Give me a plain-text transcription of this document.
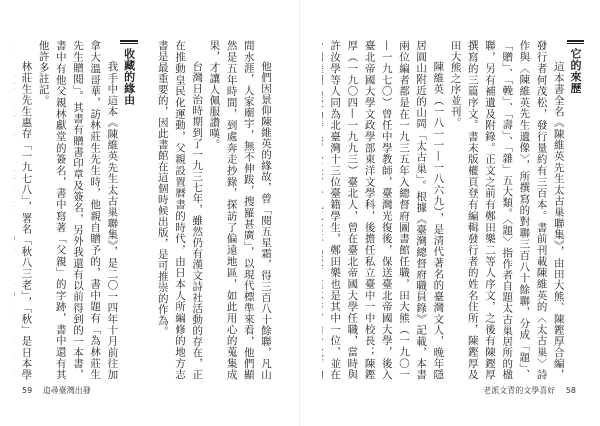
它的來歷

這本書全名《陳維英先生太古巢聯集》，由田大熊、陳鏗厚合編，發行者何茂松，發行量約有三百本。書前刊載陳維英的〈太古巢〉詩作與〈陳維英先生遺像〉，所撰寫的對聯三百八十餘聯，分成「題」、「贈」、「輓」、「壽」、「雜」五大類。〈題〉指作者自題太古巢居所的楹聯，另有補遺及附錄。正文之前有鄭田樂二等人序文，之後有陳鏗厚撰寫的三篇序文。書末版權頁登有編輯發行者的姓名住所，陳鏗厚及田大熊之序並刊。

陳維英（一八一一—一八六九），是清代著名的臺灣文人，晚年隱居圓山附近的山岡「太古巢」。根據《臺灣總督府職員錄》記載，本書兩位編者都是在一九三五年入總督府圖書館任職，田大熊（一九〇一—一九七〇）曾任中學教師，臺灣光復後，保送臺北帝國大學，後入臺北帝國大學文政學部東洋文學科，後擔任私立臺中一中校長；陳鏗厚（一九〇四—一九九三）臺北人，曾在臺北帝國大學任職，當時與許汝學等人同為北臺灣十三位臺籍學生，鄭田樂也是其中一位，並在

老派文青的文學喜好 58

他們因景仰陳維英的緣故，曾「閱五星霜，得三百八十餘聯，凡山間水涯，人家廟宇，無不伸跋，搜羅甚廣」，以現代標準來看，他們顯然是五年時間，到處奔走抄錄，探訪了偏遠地區，如此用心的蒐集成果，才讓人佩服讚嘆。

台灣日治時期到了一九三七年，雖然仍有漢文詩社活動的存在，正在推動皇民化運動，父親設置曆書的時代，由日本人所編修的地方志書是最重要的，因此書館在這個時候出版，是可推崇的作為。

收藏的緣由

我手中這本《陳維英先生太古巢聯集》，是二〇一四年十月前往加拿大溫哥華，訪林莊生先生時，他親自贈予的，書中題有「為林莊生先生贈閱」。其書有贈書印章及簽名，另外我還有以前得到的一本書，書中有他父親林獻堂的簽名，書中寫著「父親」的字跡，書中還有其他許多註記。

林莊生先生惠存「一九七八」，署名「秋八三老」，「秋」是日本學

59 追尋臺灣出發
